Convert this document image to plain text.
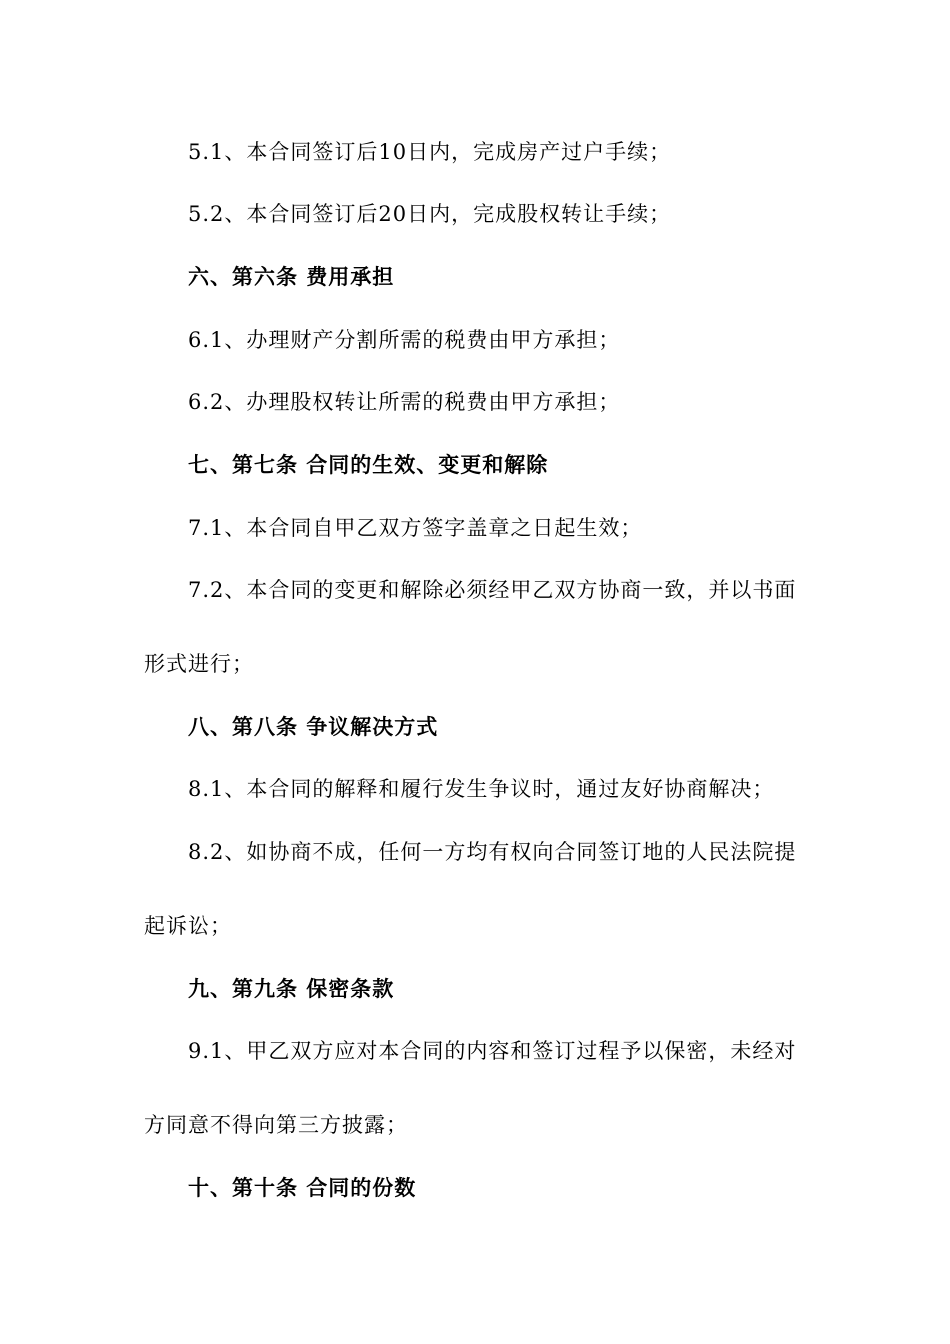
5.1、本合同签订后10日内，完成房产过户手续；
5.2、本合同签订后20日内，完成股权转让手续；
六、第六条 费用承担
6.1、办理财产分割所需的税费由甲方承担；
6.2、办理股权转让所需的税费由甲方承担；
七、第七条 合同的生效、变更和解除
7.1、本合同自甲乙双方签字盖章之日起生效；
7.2、本合同的变更和解除必须经甲乙双方协商一致，并以书面
形式进行；
八、第八条 争议解决方式
8.1、本合同的解释和履行发生争议时，通过友好协商解决；
8.2、如协商不成，任何一方均有权向合同签订地的人民法院提
起诉讼；
九、第九条 保密条款
9.1、甲乙双方应对本合同的内容和签订过程予以保密，未经对
方同意不得向第三方披露；
十、第十条 合同的份数
